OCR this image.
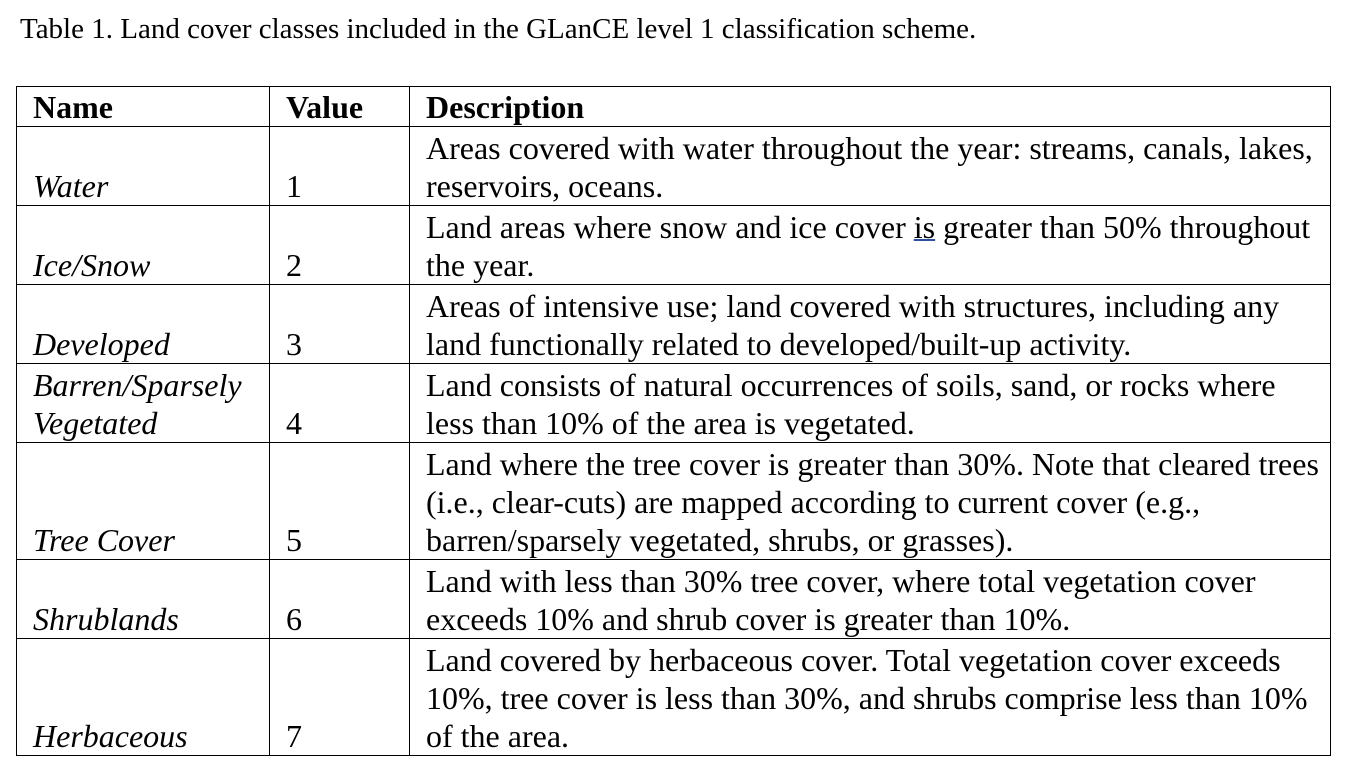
Table 1. Land cover classes included in the GLanCE level 1 classification scheme.
Name	Value	Description
Water	1	Areas covered with water throughout the year: streams, canals, lakes, reservoirs, oceans.

Ice/Snow	2	Land areas where snow and ice cover is greater than 50% throughout the year.

Developed	3	Areas of intensive use; land covered with structures, including any land functionally related to developed/built-up activity.

Barren/Sparsely Vegetated	4	Land consists of natural occurrences of soils, sand, or rocks where less than 10% of the area is vegetated.

Tree Cover	5	Land where the tree cover is greater than 30%. Note that cleared trees (i.e., clear-cuts) are mapped according to current cover (e.g., barren/sparsely vegetated, shrubs, or grasses).

Shrublands	6	Land with less than 30% tree cover, where total vegetation cover exceeds 10% and shrub cover is greater than 10%.

Herbaceous	7	Land covered by herbaceous cover. Total vegetation cover exceeds 10%, tree cover is less than 30%, and shrubs comprise less than 10% of the area.
